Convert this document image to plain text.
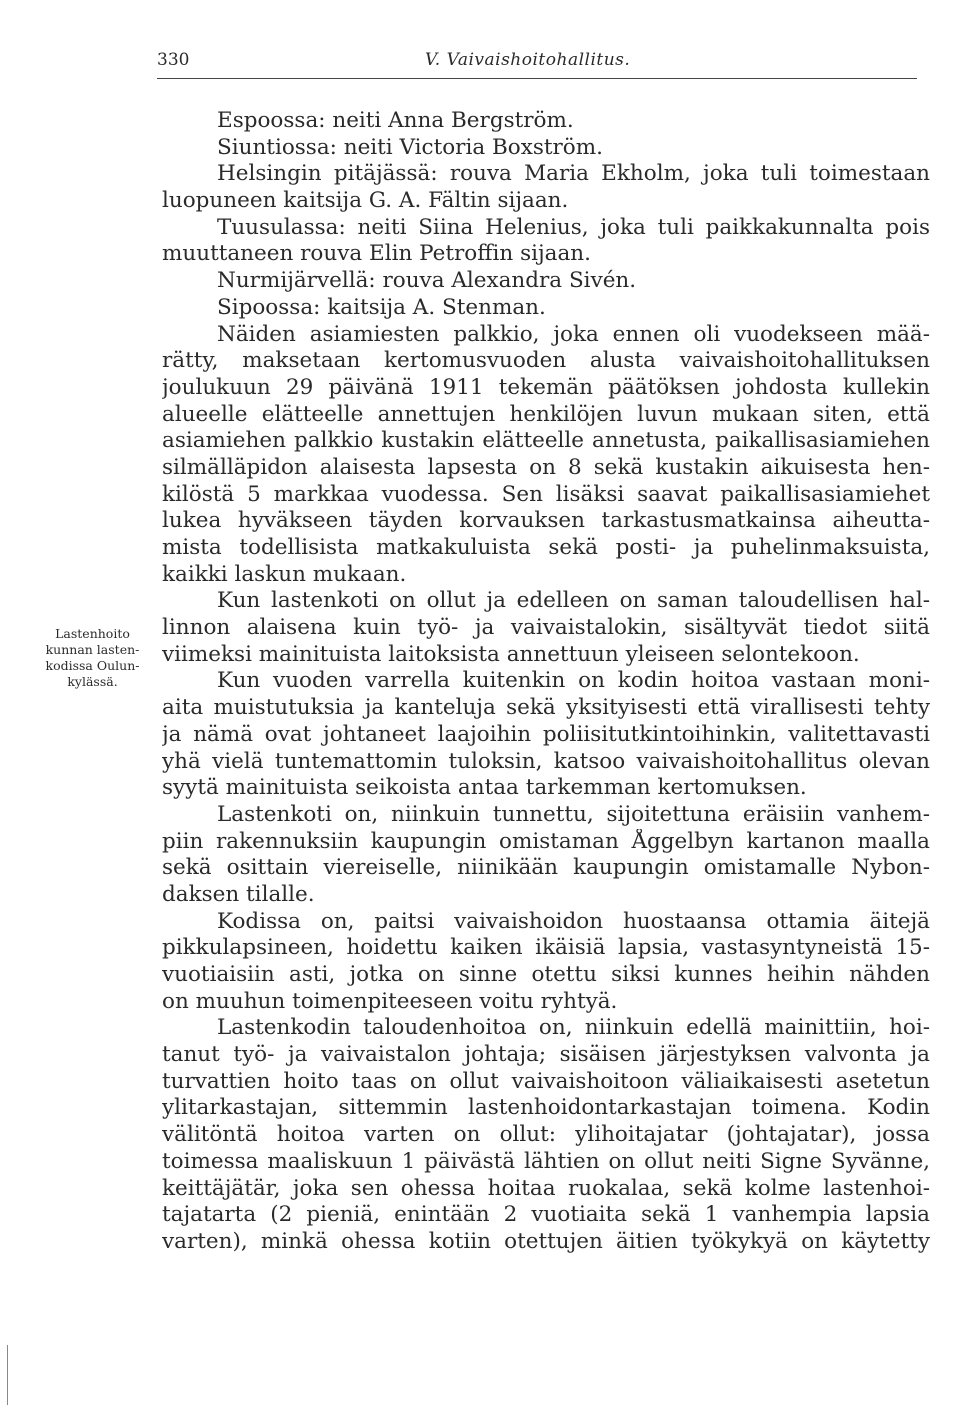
330	V. Vaivaishoitohallitus.
Lastenhoito
kunnan lasten-
kodissa Oulun-
kylässä.
Espoossa: neiti Anna Bergström.
Siuntiossa: neiti Victoria Boxström.
Helsingin pitäjässä: rouva Maria Ekholm, joka tuli toimestaan
luopuneen kaitsija G. A. Fältin sijaan.
Tuusulassa: neiti Siina Helenius, joka tuli paikkakunnalta pois
muuttaneen rouva Elin Petroffin sijaan.
Nurmijärvellä: rouva Alexandra Sivén.
Sipoossa: kaitsija A. Stenman.
Näiden asiamiesten palkkio, joka ennen oli vuodekseen mää-
rätty, maksetaan kertomusvuoden alusta vaivaishoitohallituksen
joulukuun 29 päivänä 1911 tekemän päätöksen johdosta kullekin
alueelle elätteelle annettujen henkilöjen luvun mukaan siten, että
asiamiehen palkkio kustakin elätteelle annetusta, paikallisasiamiehen
silmälläpidon alaisesta lapsesta on 8 sekä kustakin aikuisesta hen-
kilöstä 5 markkaa vuodessa. Sen lisäksi saavat paikallisasiamiehet
lukea hyväkseen täyden korvauksen tarkastusmatkainsa aiheutta-
mista todellisista matkakuluista sekä posti- ja puhelinmaksuista,
kaikki laskun mukaan.
Kun lastenkoti on ollut ja edelleen on saman taloudellisen hal-
linnon alaisena kuin työ- ja vaivaistalokin, sisältyvät tiedot siitä
viimeksi mainituista laitoksista annettuun yleiseen selontekoon.
Kun vuoden varrella kuitenkin on kodin hoitoa vastaan moni-
aita muistutuksia ja kanteluja sekä yksityisesti että virallisesti tehty
ja nämä ovat johtaneet laajoihin poliisitutkintoihinkin, valitettavasti
yhä vielä tuntemattomin tuloksin, katsoo vaivaishoitohallitus olevan
syytä mainituista seikoista antaa tarkemman kertomuksen.
Lastenkoti on, niinkuin tunnettu, sijoitettuna eräisiin vanhem-
piin rakennuksiin kaupungin omistaman Åggelbyn kartanon maalla
sekä osittain viereiselle, niinikään kaupungin omistamalle Nybon-
daksen tilalle.
Kodissa on, paitsi vaivaishoidon huostaansa ottamia äitejä
pikkulapsineen, hoidettu kaiken ikäisiä lapsia, vastasyntyneistä 15-
vuotiaisiin asti, jotka on sinne otettu siksi kunnes heihin nähden
on muuhun toimenpiteeseen voitu ryhtyä.
Lastenkodin taloudenhoitoa on, niinkuin edellä mainittiin, hoi-
tanut työ- ja vaivaistalon johtaja; sisäisen järjestyksen valvonta ja
turvattien hoito taas on ollut vaivaishoitoon väliaikaisesti asetetun
ylitarkastajan, sittemmin lastenhoidontarkastajan toimena. Kodin
välitöntä hoitoa varten on ollut: ylihoitajatar (johtajatar), jossa
toimessa maaliskuun 1 päivästä lähtien on ollut neiti Signe Syvänne,
keittäjätär, joka sen ohessa hoitaa ruokalaa, sekä kolme lastenhoi-
tajatarta (2 pieniä, enintään 2 vuotiaita sekä 1 vanhempia lapsia
varten), minkä ohessa kotiin otettujen äitien työkykyä on käytetty
